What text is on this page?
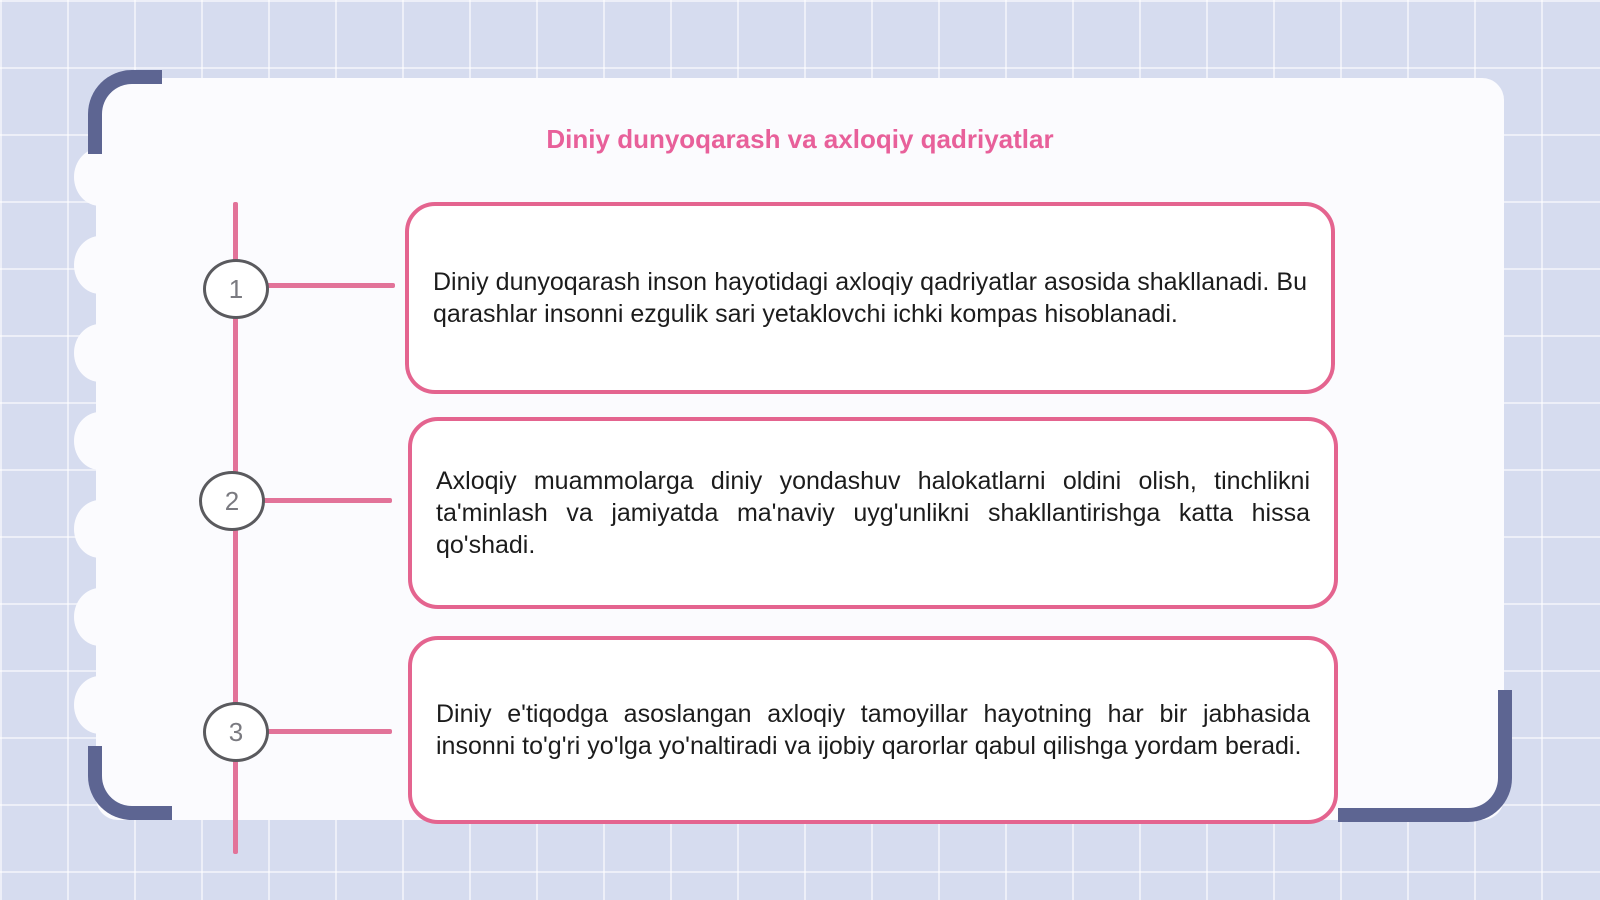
Diniy dunyoqarash va axloqiy qadriyatlar
1
2
3
Diniy dunyoqarash inson hayotidagi axloqiy qadriyatlar asosida shakllanadi. Bu qarashlar insonni ezgulik sari yetaklovchi ichki kompas hisoblanadi.
Axloqiy muammolarga diniy yondashuv halokatlarni oldini olish, tinchlikni ta'minlash va jamiyatda ma'naviy uyg'unlikni shakllantirishga katta hissa qo'shadi.
Diniy e'tiqodga asoslangan axloqiy tamoyillar hayotning har bir jabhasida insonni to'g'ri yo'lga yo'naltiradi va ijobiy qarorlar qabul qilishga yordam beradi.
